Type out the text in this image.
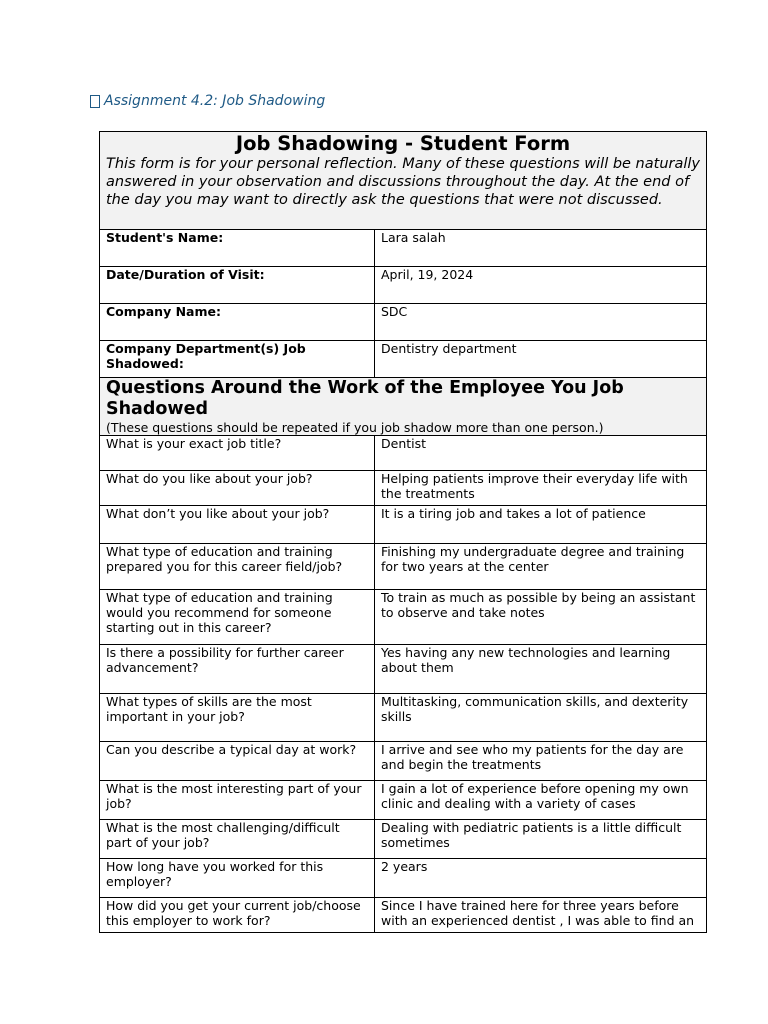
Assignment 4.2: Job Shadowing
Job Shadowing - Student Form
This form is for your personal reflection. Many of these questions will be naturally answered in your observation and discussions throughout the day. At the end of the day you may want to directly ask the questions that were not discussed.	

Student's Name:	Lara salah
Date/Duration of Visit:	April, 19, 2024
Company Name:	SDC
Company Department(s) Job Shadowed:	Dentistry department

Questions Around the Work of the Employee You Job Shadowed
(These questions should be repeated if you job shadow more than one person.)	

What is your exact job title?	Dentist
What do you like about your job?	Helping patients improve their everyday life with the treatments
What don’t you like about your job?	It is a tiring job and takes a lot of patience
What type of education and training prepared you for this career field/job?	Finishing my undergraduate degree and training for two years at the center
What type of education and training would you recommend for someone starting out in this career?	To train as much as possible by being an assistant to observe and take notes
Is there a possibility for further career advancement?	Yes having any new technologies and learning about them
What types of skills are the most important in your job?	Multitasking, communication skills, and dexterity skills
Can you describe a typical day at work?	I arrive and see who my patients for the day are and begin the treatments
What is the most interesting part of your job?	I gain a lot of experience before opening my own clinic and dealing with a variety of cases
What is the most challenging/difficult part of your job?	Dealing with pediatric patients is a little difficult sometimes
How long have you worked for this employer?	2 years
How did you get your current job/choose this employer to work for?	Since I have trained here for three years before with an experienced dentist , I was able to find an
